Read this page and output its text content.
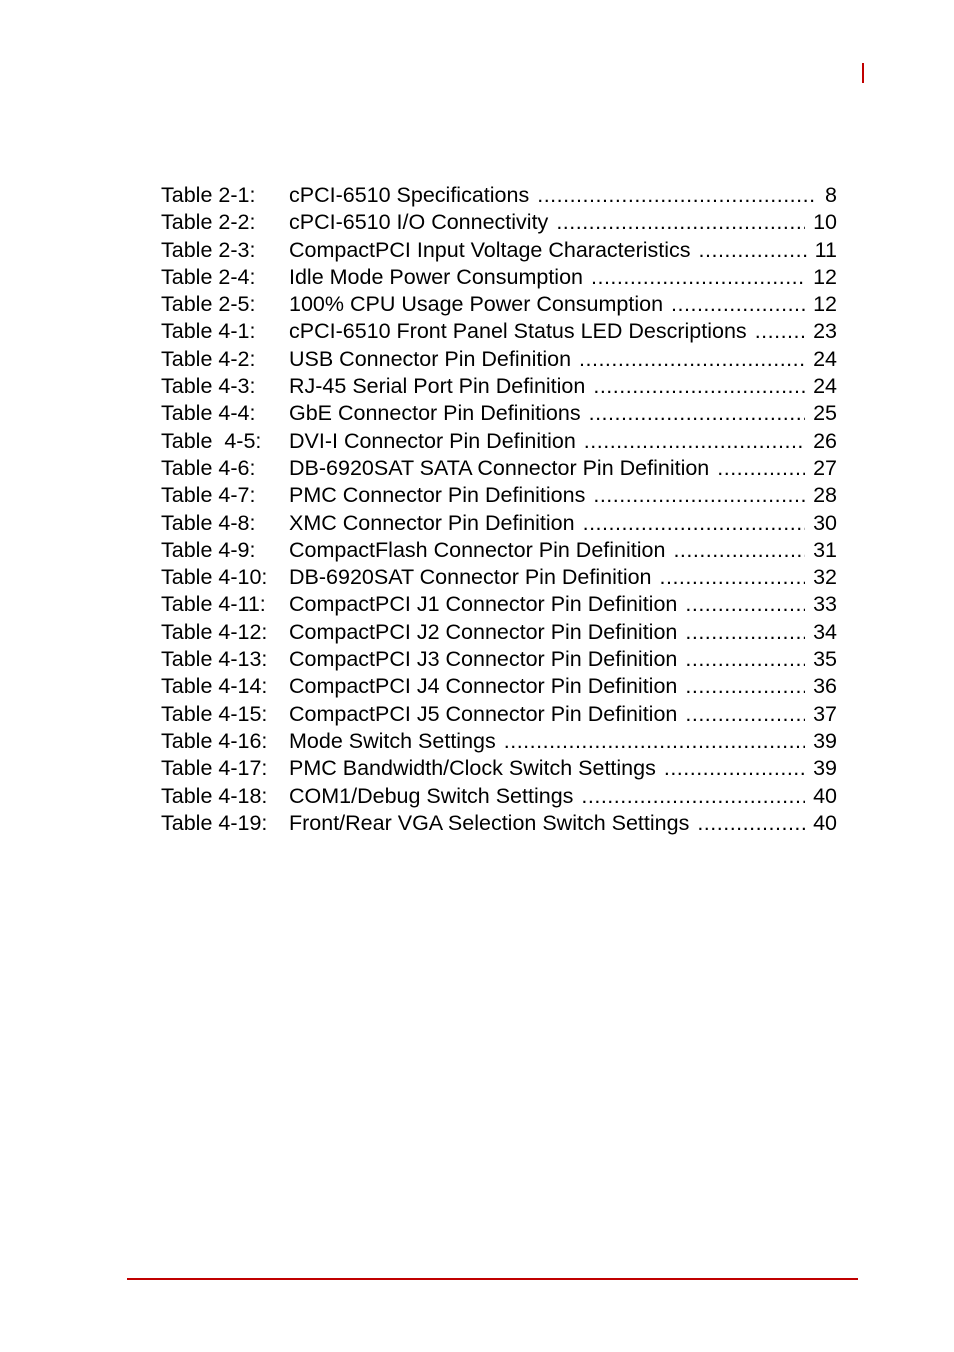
Table 2-1:	cPCI-6510 Specifications .....	8
Table 2-2:	cPCI-6510 I/O Connectivity .....	10
Table 2-3:	CompactPCI Input Voltage Characteristics .....	11
Table 2-4:	Idle Mode Power Consumption .....	12
Table 2-5:	100% CPU Usage Power Consumption .....	12
Table 4-1:	cPCI-6510 Front Panel Status LED Descriptions .....	23
Table 4-2:	USB Connector Pin Definition .....	24
Table 4-3:	RJ-45 Serial Port Pin Definition .....	24
Table 4-4:	GbE Connector Pin Definitions .....	25
Table  4-5:	DVI-I Connector Pin Definition .....	26
Table 4-6:	DB-6920SAT SATA Connector Pin Definition .....	27
Table 4-7:	PMC Connector Pin Definitions .....	28
Table 4-8:	XMC Connector Pin Definition .....	30
Table 4-9:	CompactFlash Connector Pin Definition .....	31
Table 4-10:	DB-6920SAT Connector Pin Definition .....	32
Table 4-11:	CompactPCI J1 Connector Pin Definition .....	33
Table 4-12:	CompactPCI J2 Connector Pin Definition .....	34
Table 4-13:	CompactPCI J3 Connector Pin Definition .....	35
Table 4-14:	CompactPCI J4 Connector Pin Definition .....	36
Table 4-15:	CompactPCI J5 Connector Pin Definition .....	37
Table 4-16:	Mode Switch Settings .....	39
Table 4-17:	PMC Bandwidth/Clock Switch Settings .....	39
Table 4-18:	COM1/Debug Switch Settings .....	40
Table 4-19:	Front/Rear VGA Selection Switch Settings .....	40
